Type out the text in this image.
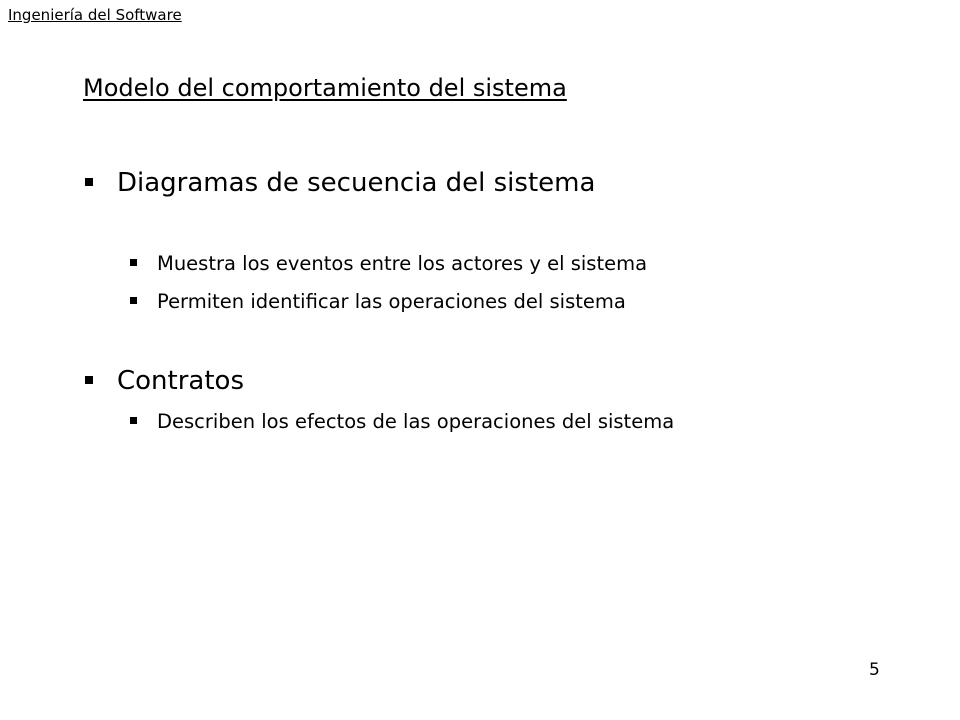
Ingeniería del Software
Modelo del comportamiento del sistema
Diagramas de secuencia del sistema
Muestra los eventos entre los actores y el sistema
Permiten identificar las operaciones del sistema
Contratos
Describen los efectos de las operaciones del sistema
5
